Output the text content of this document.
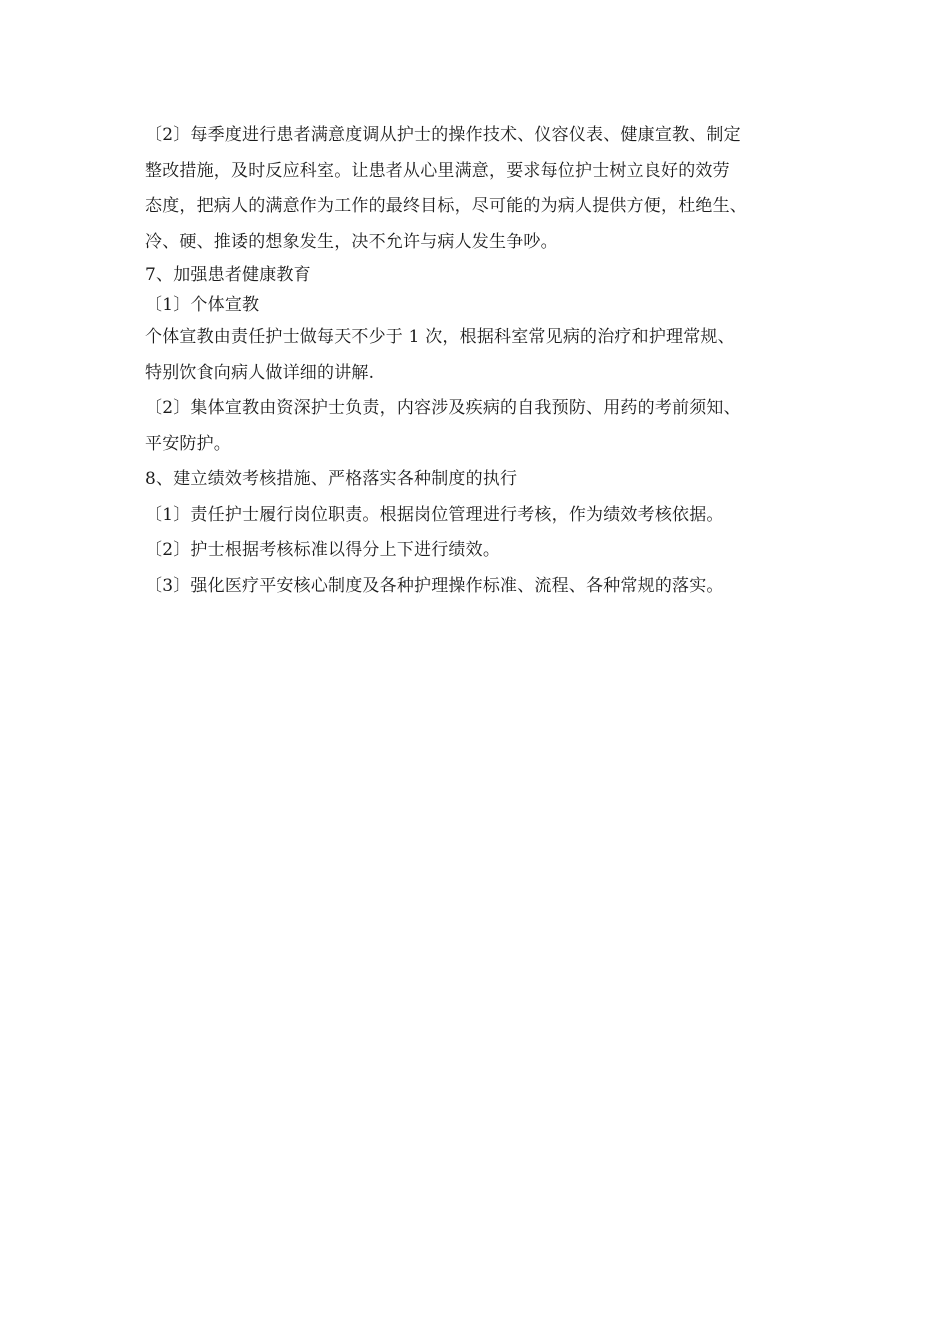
〔2〕每季度进行患者满意度调从护士的操作技术、仪容仪表、健康宣教、制定
整改措施，及时反应科室。让患者从心里满意，要求每位护士树立良好的效劳
态度，把病人的满意作为工作的最终目标，尽可能的为病人提供方便，杜绝生、
冷、硬、推诿的想象发生，决不允许与病人发生争吵。
7、加强患者健康教育
〔1〕个体宣教
个体宣教由责任护士做每天不少于 1 次，根据科室常见病的治疗和护理常规、
特别饮食向病人做详细的讲解.
〔2〕集体宣教由资深护士负责，内容涉及疾病的自我预防、用药的考前须知、
平安防护。
8、建立绩效考核措施、严格落实各种制度的执行
〔1〕责任护士履行岗位职责。根据岗位管理进行考核，作为绩效考核依据。
〔2〕护士根据考核标准以得分上下进行绩效。
〔3〕强化医疗平安核心制度及各种护理操作标准、流程、各种常规的落实。
